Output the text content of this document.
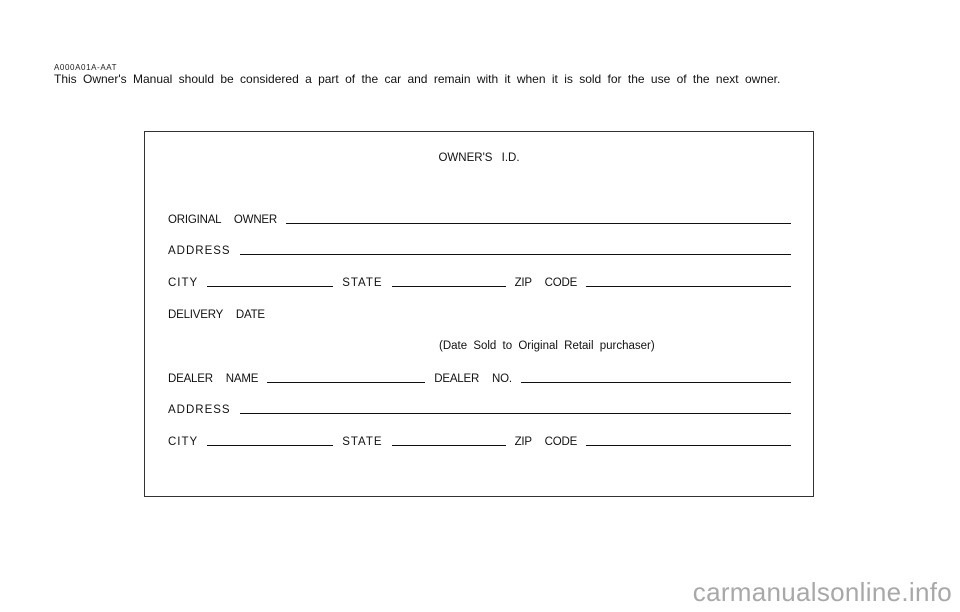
A000A01A-AAT
This Owner's Manual should be considered a part of the car and remain with it when it is sold for the use of the next owner.
OWNER'S I.D.
ORIGINAL OWNER
ADDRESS
CITY	STATE	ZIP CODE
DELIVERY DATE
(Date Sold to Original Retail purchaser)
DEALER NAME	DEALER NO.
ADDRESS
CITY	STATE	ZIP CODE
carmanualsonline.info
